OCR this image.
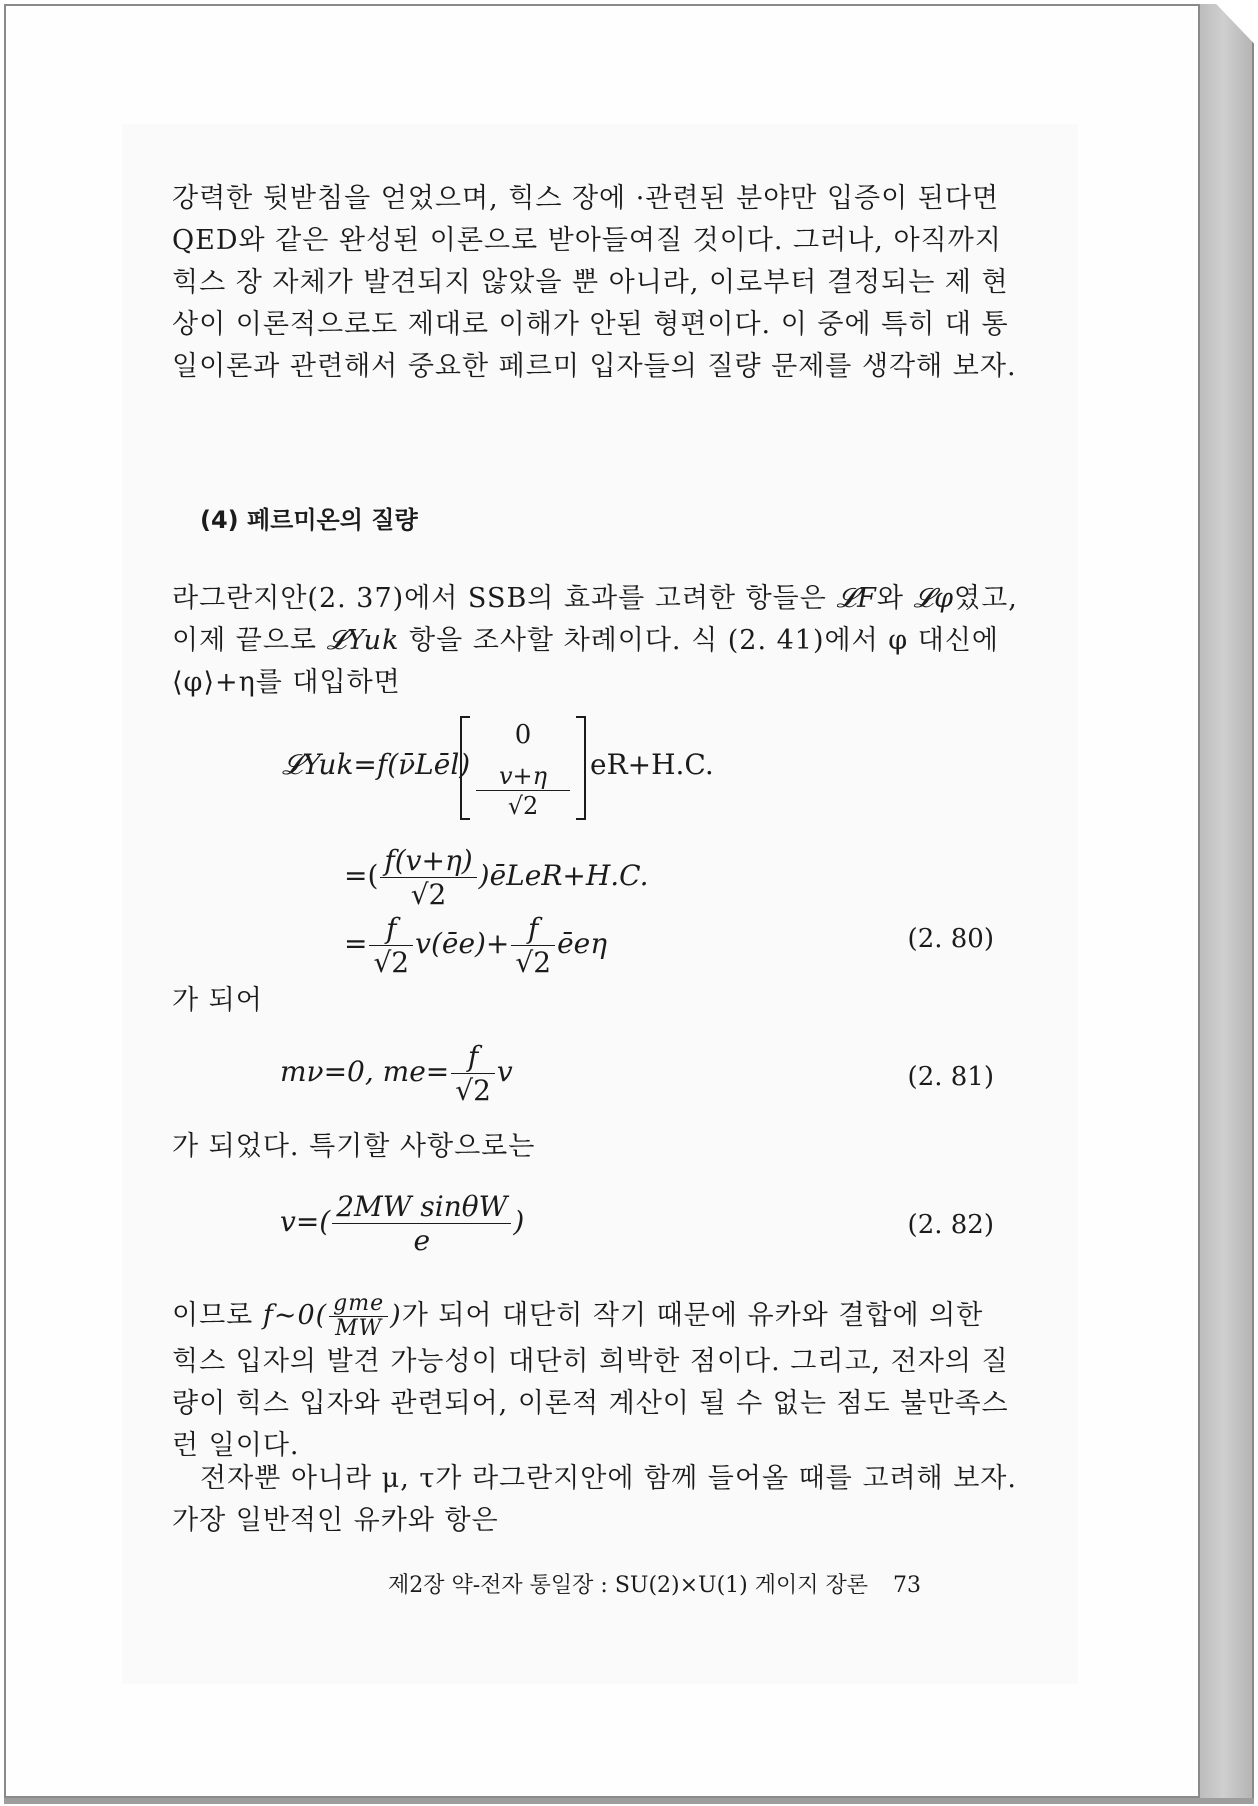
강력한 뒷받침을 얻었으며, 힉스 장에 ·관련된 분야만 입증이 된다면 QED와 같은 완성된 이론으로 받아들여질 것이다. 그러나, 아직까지 힉스 장 자체가 발견되지 않았을 뿐 아니라, 이로부터 결정되는 제 현상이 이론적으로도 제대로 이해가 안된 형편이다. 이 중에 특히 대 통일이론과 관련해서 중요한 페르미 입자들의 질량 문제를 생각해 보자.
(4) 페르미온의 질량
라그란지안(2. 37)에서 SSB의 효과를 고려한 항들은 𝓛F와 𝓛φ였고, 이제 끝으로 𝓛Yuk 항을 조사할 차례이다. 식 (2. 41)에서 φ 대신에 ⟨φ⟩+η를 대입하면
𝓛Yuk=f(ν̄Lēl)
0
v+η
√2
eR+H.C.
=( $\frac{f(v+\eta)}{√2}$ )ēLeR+H.C.
= $\frac{f}{√2}$ v(ēe)+ $\frac{f}{√2}$ ēeη	(2. 80)
가 되어
mν=0, $me= \frac{f}{√2}$ v	(2. 81)
가 되었다. 특기할 사항으로는
$v=( \frac{\text{2MW sinθW}}{e}$ )	(2. 82)
이므로 f∼0( $\frac{\text{gme}}{MW}$ )가 되어 대단히 작기 때문에 유카와 결합에 의한 힉스 입자의 발견 가능성이 대단히 희박한 점이다. 그리고, 전자의 질량이 힉스 입자와 관련되어, 이론적 계산이 될 수 없는 점도 불만족스런 일이다.
전자뿐 아니라 μ, τ가 라그란지안에 함께 들어올 때를 고려해 보자. 가장 일반적인 유카와 항은
제2장 약-전자 통일장 : SU(2)×U(1) 게이지 장론 73
